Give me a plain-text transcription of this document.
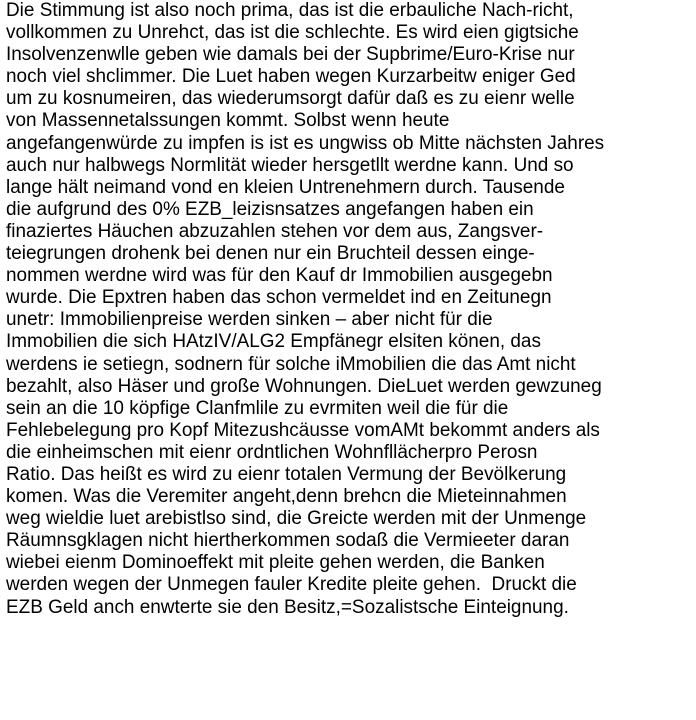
Die Stimmung ist also noch prima, das ist die erbauliche Nach-richt,
vollkommen zu Unrehct, das ist die schlechte. Es wird eien gigtsiche
Insolvenzenwlle geben wie damals bei der Supbrime/Euro-Krise nur
noch viel shclimmer. Die Luet haben wegen Kurzarbeitw eniger Ged
um zu kosnumeiren, das wiederumsorgt dafür daß es zu eienr welle
von Massennetalssungen kommt. Solbst wenn heute
angefangenwürde zu impfen is ist es ungwiss ob Mitte nächsten Jahres
auch nur halbwegs Normlität wieder hersgetllt werdne kann. Und so
lange hält neimand vond en kleien Untrenehmern durch. Tausende
die aufgrund des 0% EZB_leizisnsatzes angefangen haben ein
finaziertes Häuchen abzuzahlen stehen vor dem aus, Zangsver-
teiegrungen drohenk bei denen nur ein Bruchteil dessen einge-
nommen werdne wird was für den Kauf dr Immobilien ausgegebn
wurde. Die Epxtren haben das schon vermeldet ind en Zeitunegn
unetr: Immobilienpreise werden sinken – aber nicht für die
Immobilien die sich HAtzIV/ALG2 Empfänegr elsiten könen, das
werdens ie setiegn, sodnern für solche iMmobilien die das Amt nicht
bezahlt, also Häser und große Wohnungen. DieLuet werden gewzuneg
sein an die 10 köpfige Clanfmlile zu evrmiten weil die für die
Fehlebelegung pro Kopf Mitezushcäusse vomAMt bekommt anders als
die einheimschen mit eienr ordntlichen Wohnfllächerpro Perosn
Ratio. Das heißt es wird zu eienr totalen Vermung der Bevölkerung
komen. Was die Veremiter angeht,denn brehcn die Mieteinnahmen
weg wieldie luet arebistlso sind, die Greicte werden mit der Unmenge
Räumnsgklagen nicht hiertherkommen sodaß die Vermieeter daran
wiebei eienm Dominoeffekt mit pleite gehen werden, die Banken
werden wegen der Unmegen fauler Kredite pleite gehen.  Druckt die
EZB Geld anch enwterte sie den Besitz,=Sozalistsche Einteignung.
